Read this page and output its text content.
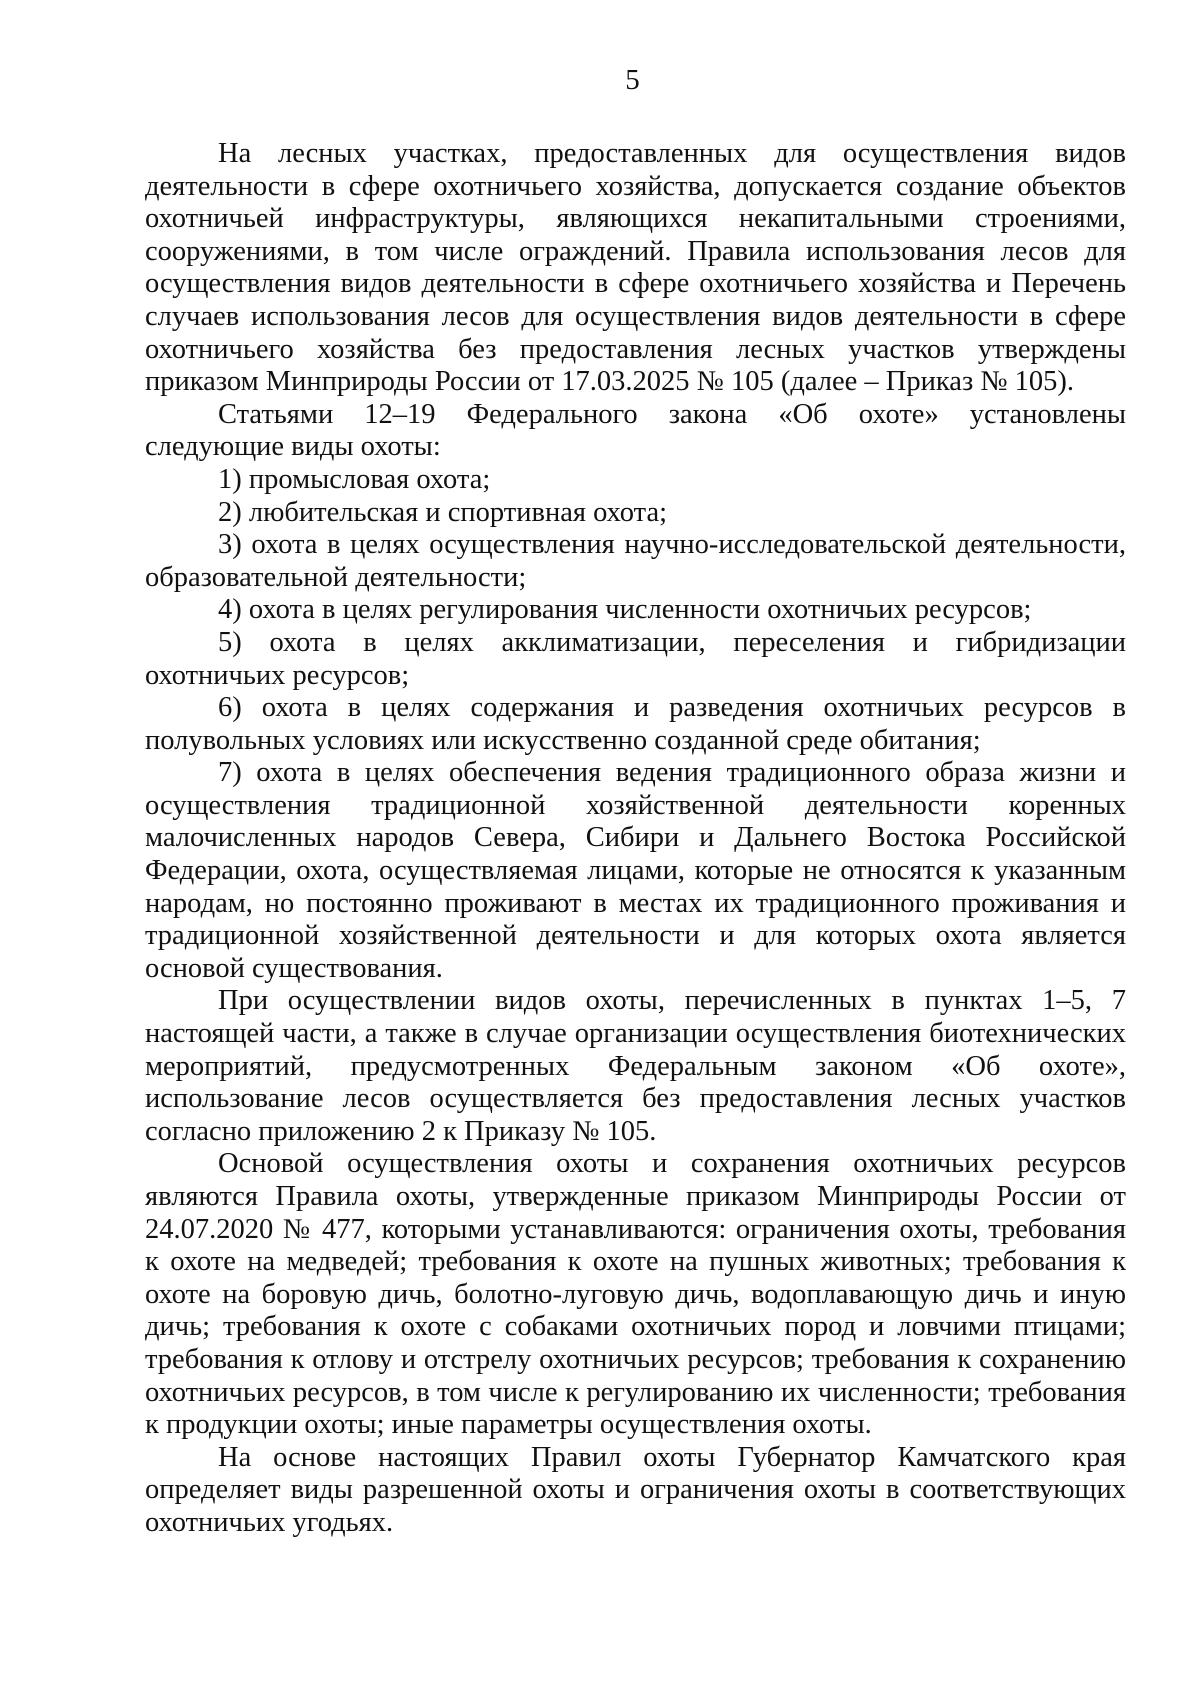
5

На лесных участках, предоставленных для осуществления видов деятельности в сфере охотничьего хозяйства, допускается создание объектов охотничьей инфраструктуры, являющихся некапитальными строениями, сооружениями, в том числе ограждений. Правила использования лесов для осуществления видов деятельности в сфере охотничьего хозяйства и Перечень случаев использования лесов для осуществления видов деятельности в сфере охотничьего хозяйства без предоставления лесных участков утверждены приказом Минприроды России от 17.03.2025 № 105 (далее – Приказ № 105).

Статьями 12–19 Федерального закона «Об охоте» установлены следующие виды охоты:

1) промысловая охота;

2) любительская и спортивная охота;

3) охота в целях осуществления научно-исследовательской деятельности, образовательной деятельности;

4) охота в целях регулирования численности охотничьих ресурсов;

5) охота в целях акклиматизации, переселения и гибридизации охотничьих ресурсов;

6) охота в целях содержания и разведения охотничьих ресурсов в полувольных условиях или искусственно созданной среде обитания;

7) охота в целях обеспечения ведения традиционного образа жизни и осуществления традиционной хозяйственной деятельности коренных малочисленных народов Севера, Сибири и Дальнего Востока Российской Федерации, охота, осуществляемая лицами, которые не относятся к указанным народам, но постоянно проживают в местах их традиционного проживания и традиционной хозяйственной деятельности и для которых охота является основой существования.

При осуществлении видов охоты, перечисленных в пунктах 1–5, 7 настоящей части, а также в случае организации осуществления биотехнических мероприятий, предусмотренных Федеральным законом «Об охоте», использование лесов осуществляется без предоставления лесных участков согласно приложению 2 к Приказу № 105.

Основой осуществления охоты и сохранения охотничьих ресурсов являются Правила охоты, утвержденные приказом Минприроды России от 24.07.2020 № 477, которыми устанавливаются: ограничения охоты, требования к охоте на медведей; требования к охоте на пушных животных; требования к охоте на боровую дичь, болотно-луговую дичь, водоплавающую дичь и иную дичь; требования к охоте с собаками охотничьих пород и ловчими птицами; требования к отлову и отстрелу охотничьих ресурсов; требования к сохранению охотничьих ресурсов, в том числе к регулированию их численности; требования к продукции охоты; иные параметры осуществления охоты.

На основе настоящих Правил охоты Губернатор Камчатского края определяет виды разрешенной охоты и ограничения охоты в соответствующих охотничьих угодьях.
